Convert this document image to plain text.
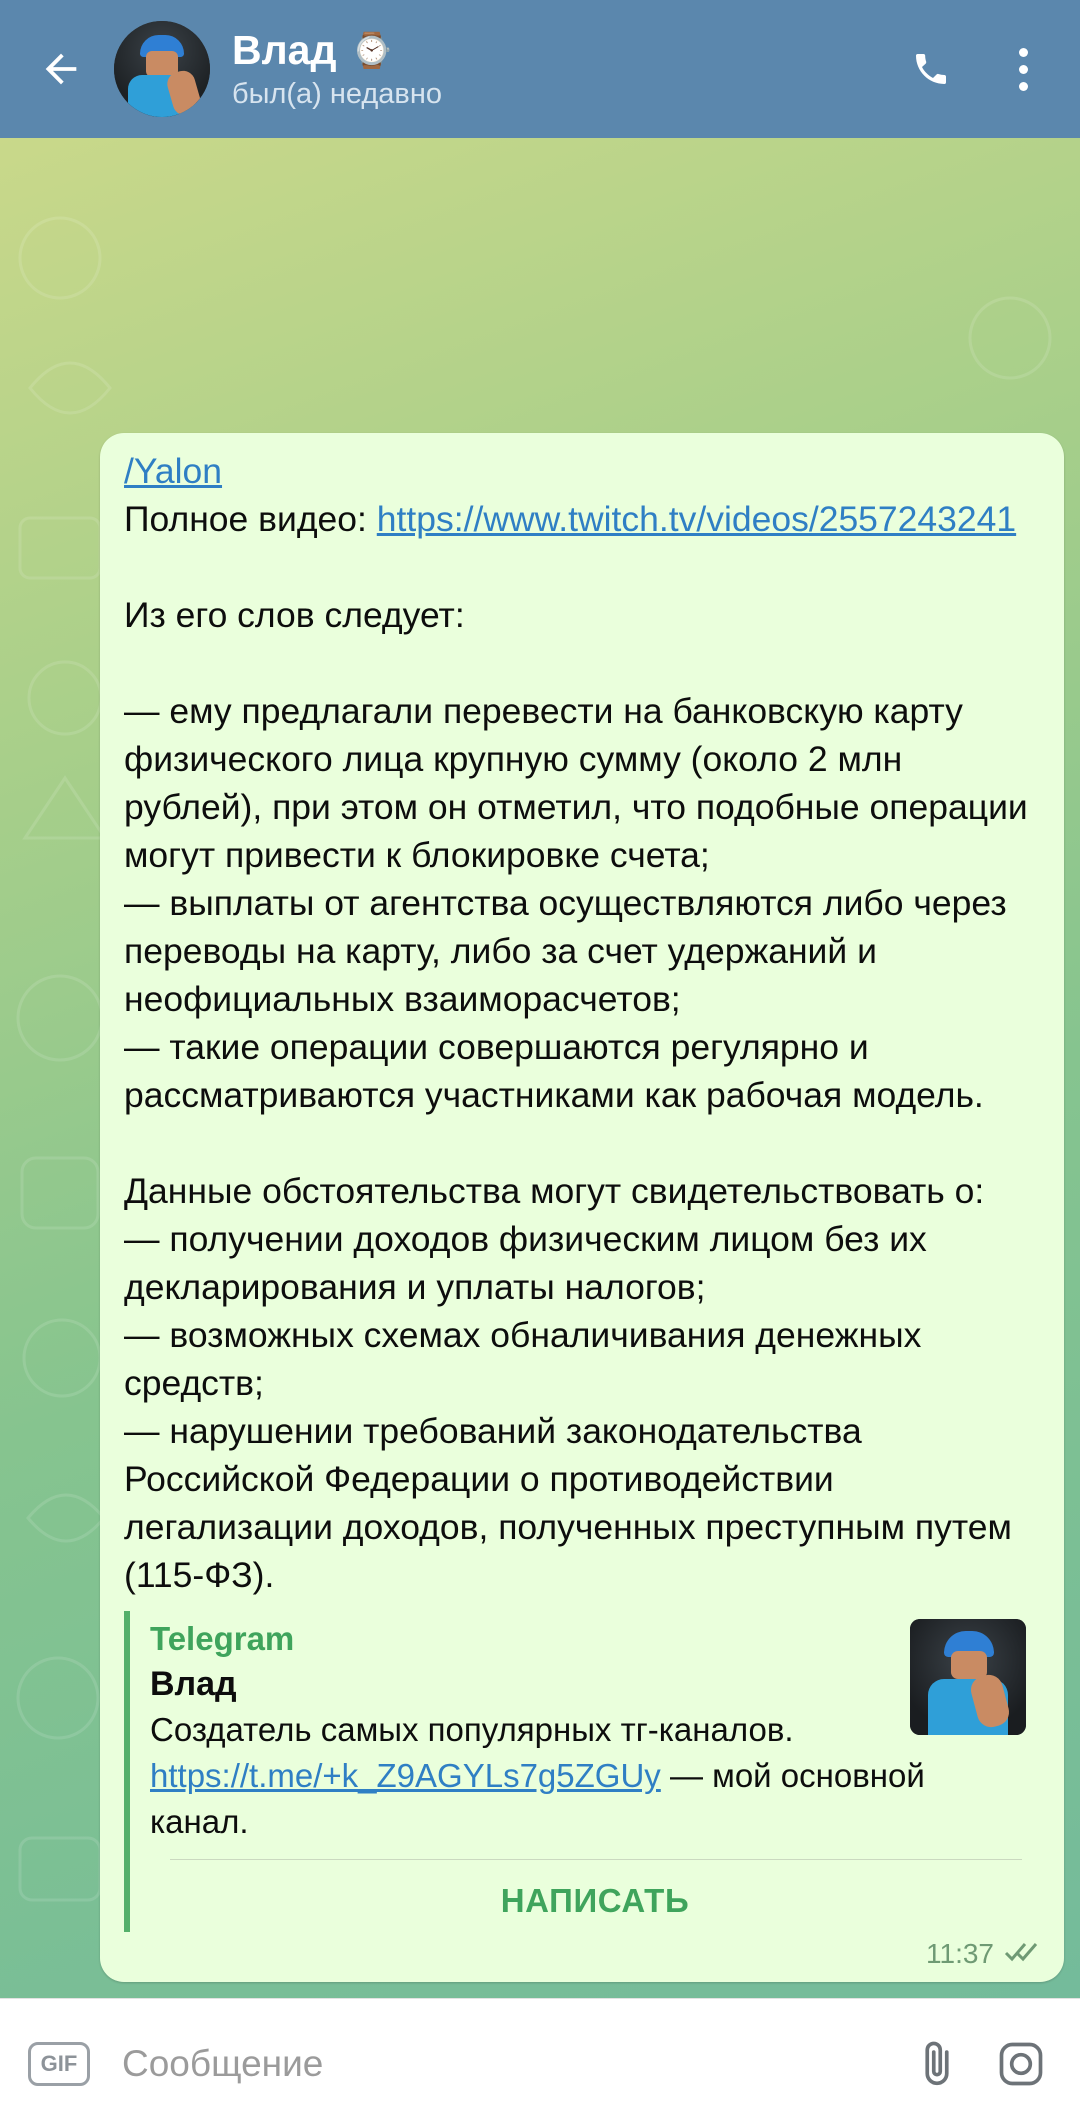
Влад ⌚
был(а) недавно
/Yalon
Полное видео: https://www.twitch.tv/videos/2557243241
Из его слов следует:
— ему предлагали перевести на банковскую карту физического лица крупную сумму (около 2 млн рублей), при этом он отметил, что подобные операции могут привести к блокировке счета;
— выплаты от агентства осуществляются либо через переводы на карту, либо за счет удержаний и неофициальных взаиморасчетов;
— такие операции совершаются регулярно и рассматриваются участниками как рабочая модель.
Данные обстоятельства могут свидетельствовать о:
— получении доходов физическим лицом без их декларирования и уплаты налогов;
— возможных схемах обналичивания денежных средств;
— нарушении требований законодательства Российской Федерации о противодействии легализации доходов, полученных преступным путем (115-ФЗ).
Telegram
Влад
Создатель самых популярных тг-каналов. https://t.me/+k_Z9AGYLs7g5ZGUy — мой основной канал.
НАПИСАТЬ
11:37
GIF	Сообщение
